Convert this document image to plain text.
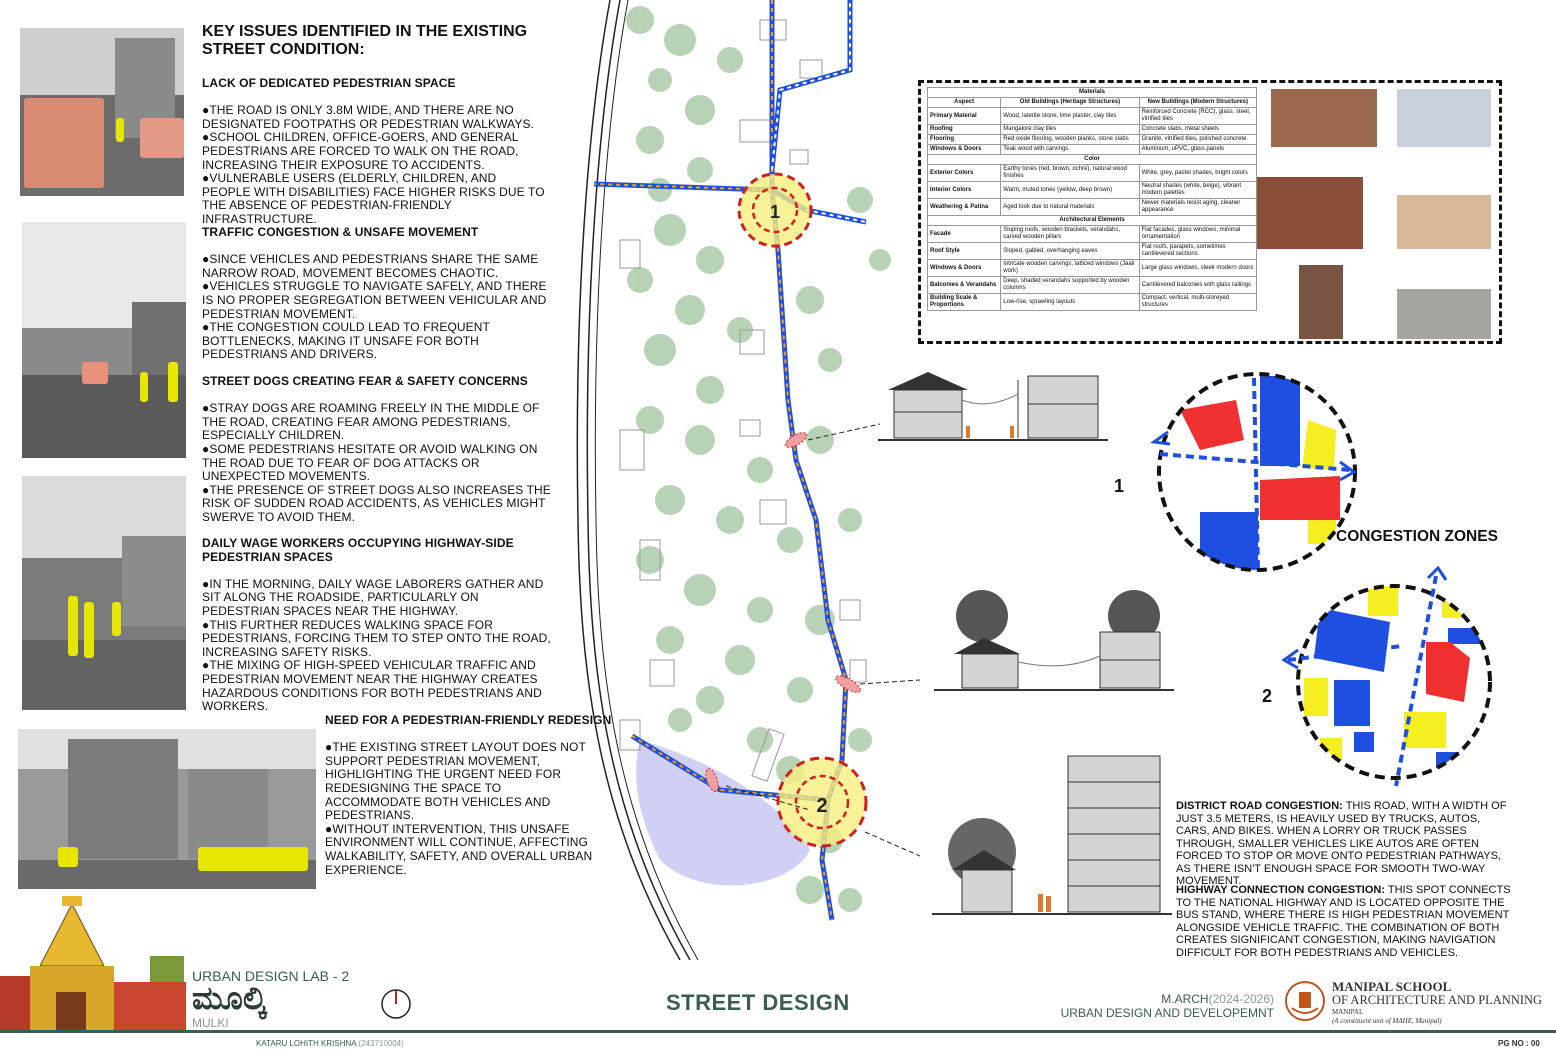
KEY ISSUES IDENTIFIED IN THE EXISTING STREET CONDITION:

LACK OF DEDICATED PEDESTRIAN SPACE

●THE ROAD IS ONLY 3.8M WIDE, AND THERE ARE NO DESIGNATED FOOTPATHS OR PEDESTRIAN WALKWAYS.

●SCHOOL CHILDREN, OFFICE-GOERS, AND GENERAL PEDESTRIANS ARE FORCED TO WALK ON THE ROAD, INCREASING THEIR EXPOSURE TO ACCIDENTS.

●VULNERABLE USERS (ELDERLY, CHILDREN, AND PEOPLE WITH DISABILITIES) FACE HIGHER RISKS DUE TO THE ABSENCE OF PEDESTRIAN-FRIENDLY INFRASTRUCTURE.

TRAFFIC CONGESTION & UNSAFE MOVEMENT

●SINCE VEHICLES AND PEDESTRIANS SHARE THE SAME NARROW ROAD, MOVEMENT BECOMES CHAOTIC.

●VEHICLES STRUGGLE TO NAVIGATE SAFELY, AND THERE IS NO PROPER SEGREGATION BETWEEN VEHICULAR AND PEDESTRIAN MOVEMENT.

●THE CONGESTION COULD LEAD TO FREQUENT BOTTLENECKS, MAKING IT UNSAFE FOR BOTH PEDESTRIANS AND DRIVERS.

STREET DOGS CREATING FEAR & SAFETY CONCERNS

●STRAY DOGS ARE ROAMING FREELY IN THE MIDDLE OF THE ROAD, CREATING FEAR AMONG PEDESTRIANS, ESPECIALLY CHILDREN.

●SOME PEDESTRIANS HESITATE OR AVOID WALKING ON THE ROAD DUE TO FEAR OF DOG ATTACKS OR UNEXPECTED MOVEMENTS.

●THE PRESENCE OF STREET DOGS ALSO INCREASES THE RISK OF SUDDEN ROAD ACCIDENTS, AS VEHICLES MIGHT SWERVE TO AVOID THEM.

DAILY WAGE WORKERS OCCUPYING HIGHWAY-SIDE PEDESTRIAN SPACES

●IN THE MORNING, DAILY WAGE LABORERS GATHER AND SIT ALONG THE ROADSIDE, PARTICULARLY ON PEDESTRIAN SPACES NEAR THE HIGHWAY.

●THIS FURTHER REDUCES WALKING SPACE FOR PEDESTRIANS, FORCING THEM TO STEP ONTO THE ROAD, INCREASING SAFETY RISKS.

●THE MIXING OF HIGH-SPEED VEHICULAR TRAFFIC AND PEDESTRIAN MOVEMENT NEAR THE HIGHWAY CREATES HAZARDOUS CONDITIONS FOR BOTH PEDESTRIANS AND WORKERS.

NEED FOR A PEDESTRIAN-FRIENDLY REDESIGN

●THE EXISTING STREET LAYOUT DOES NOT SUPPORT PEDESTRIAN MOVEMENT, HIGHLIGHTING THE URGENT NEED FOR REDESIGNING THE SPACE TO ACCOMMODATE BOTH VEHICLES AND PEDESTRIANS.

●WITHOUT INTERVENTION, THIS UNSAFE ENVIRONMENT WILL CONTINUE, AFFECTING WALKABILITY, SAFETY, AND OVERALL URBAN EXPERIENCE.

1
2
Materials		
Aspect	Old Buildings (Heritage Structures)	New Buildings (Modern Structures)
Primary Material	Wood, laterite stone, lime plaster, clay tiles	Reinforced Concrete (RCC), glass, steel, vitrified tiles
Roofing	Mangalore clay tiles	Concrete slabs, metal sheets
Flooring	Red oxide flooring, wooden planks, stone slabs	Granite, vitrified tiles, polished concrete
Windows & Doors	Teak wood with carvings	Aluminum, uPVC, glass panels
Color		
Exterior Colors	Earthy tones (red, brown, ochre), natural wood finishes	White, grey, pastel shades, bright colors
Interior Colors	Warm, muted tones (yellow, deep brown)	Neutral shades (white, beige), vibrant modern palettes
Weathering & Patina	Aged look due to natural materials	Newer materials resist aging, cleaner appearance
Architectural Elements		
Facade	Sloping roofs, wooden brackets, verandahs, carved wooden pillars	Flat facades, glass windows, minimal ornamentation
Roof Style	Sloped, gabled, overhanging eaves	Flat roofs, parapets, sometimes cantilevered sections
Windows & Doors	Intricate wooden carvings, latticed windows (Jaali work)	Large glass windows, sleek modern doors
Balconies & Verandahs	Deep, shaded verandahs supported by wooden columns	Cantilevered balconies with glass railings
Building Scale & Proportions	Low-rise, sprawling layouts	Compact, vertical, multi-storeyed structures
1
CONGESTION ZONES
2
DISTRICT ROAD CONGESTION: THIS ROAD, WITH A WIDTH OF JUST 3.5 METERS, IS HEAVILY USED BY TRUCKS, AUTOS, CARS, AND BIKES. WHEN A LORRY OR TRUCK PASSES THROUGH, SMALLER VEHICLES LIKE AUTOS ARE OFTEN FORCED TO STOP OR MOVE ONTO PEDESTRIAN PATHWAYS, AS THERE ISN'T ENOUGH SPACE FOR SMOOTH TWO-WAY MOVEMENT.
HIGHWAY CONNECTION CONGESTION: THIS SPOT CONNECTS TO THE NATIONAL HIGHWAY AND IS LOCATED OPPOSITE THE BUS STAND, WHERE THERE IS HIGH PEDESTRIAN MOVEMENT ALONGSIDE VEHICLE TRAFFIC. THE COMBINATION OF BOTH CREATES SIGNIFICANT CONGESTION, MAKING NAVIGATION DIFFICULT FOR BOTH PEDESTRIANS AND VEHICLES.
URBAN DESIGN LAB - 2
ಮೂಲ್ಕಿ
MULKI
STREET DESIGN	M.ARCH(2024-2026)
URBAN DESIGN AND DEVELOPEMNT
MANIPAL SCHOOL
OF ARCHITECTURE AND PLANNING
MANIPAL
(A constituent unit of MAHE, Manipal)
KATARU LOHITH KRISHNA (243710004)	PG NO : 00
